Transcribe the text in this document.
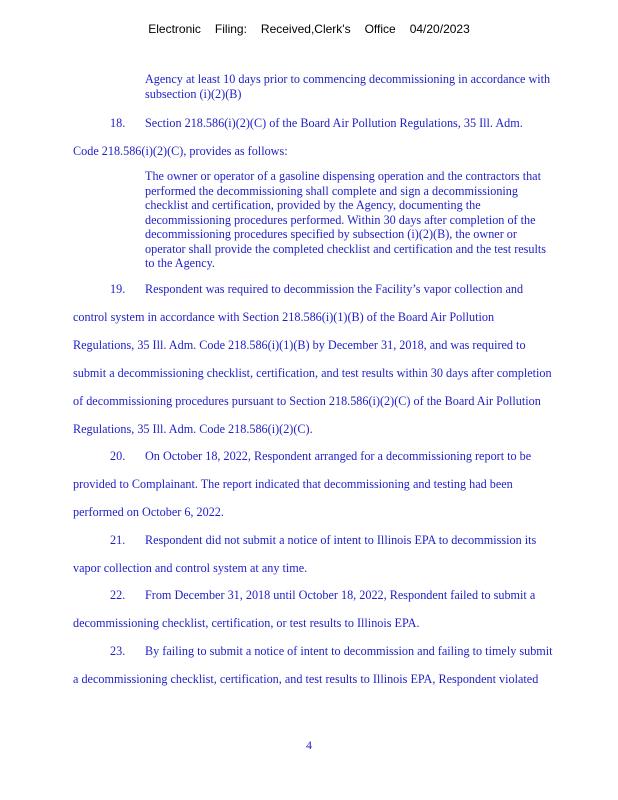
Electronic Filing: Received,Clerk's Office 04/20/2023
Agency at least 10 days prior to commencing decommissioning in accordance with
subsection (i)(2)(B)
18. Section 218.586(i)(2)(C) of the Board Air Pollution Regulations, 35 Ill. Adm.
Code 218.586(i)(2)(C), provides as follows:
The owner or operator of a gasoline dispensing operation and the contractors that
performed the decommissioning shall complete and sign a decommissioning
checklist and certification, provided by the Agency, documenting the
decommissioning procedures performed. Within 30 days after completion of the
decommissioning procedures specified by subsection (i)(2)(B), the owner or
operator shall provide the completed checklist and certification and the test results
to the Agency.
19. Respondent was required to decommission the Facility’s vapor collection and
control system in accordance with Section 218.586(i)(1)(B) of the Board Air Pollution
Regulations, 35 Ill. Adm. Code 218.586(i)(1)(B) by December 31, 2018, and was required to
submit a decommissioning checklist, certification, and test results within 30 days after completion
of decommissioning procedures pursuant to Section 218.586(i)(2)(C) of the Board Air Pollution
Regulations, 35 Ill. Adm. Code 218.586(i)(2)(C).
20. On October 18, 2022, Respondent arranged for a decommissioning report to be
provided to Complainant. The report indicated that decommissioning and testing had been
performed on October 6, 2022.
21. Respondent did not submit a notice of intent to Illinois EPA to decommission its
vapor collection and control system at any time.
22. From December 31, 2018 until October 18, 2022, Respondent failed to submit a
decommissioning checklist, certification, or test results to Illinois EPA.
23. By failing to submit a notice of intent to decommission and failing to timely submit
a decommissioning checklist, certification, and test results to Illinois EPA, Respondent violated
4
